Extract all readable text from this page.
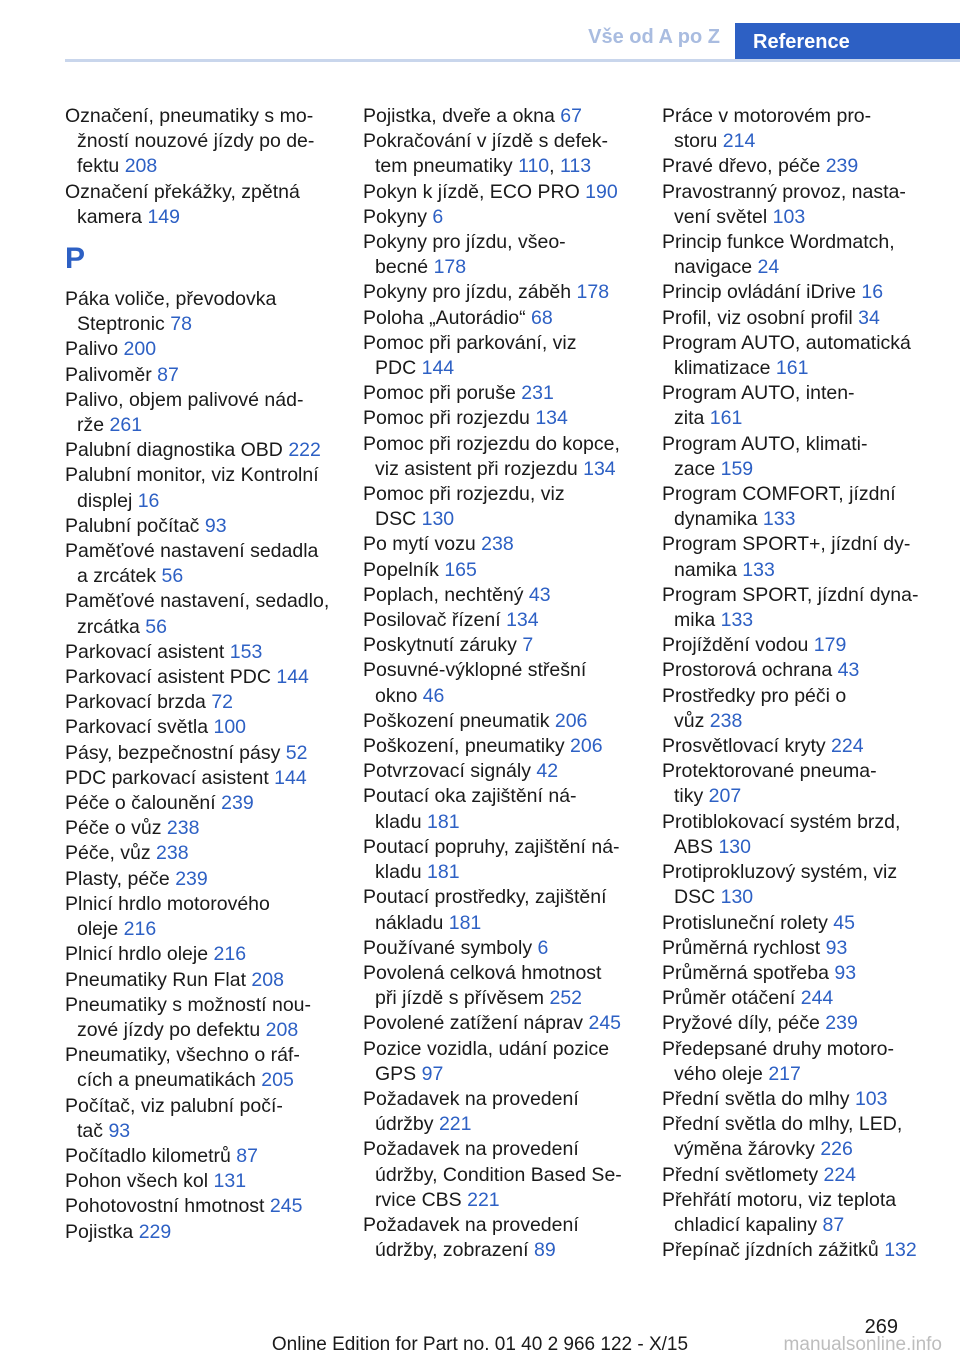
Vše od A po Z	Reference
Označení, pneumatiky s mo-
žností nouzové jízdy po de-
fektu 208
Označení překážky, zpětná
kamera 149
P
Páka voliče, převodovka
Steptronic 78
Palivo 200
Palivoměr 87
Palivo, objem palivové nád-
rže 261
Palubní diagnostika OBD 222
Palubní monitor, viz Kontrolní
displej 16
Palubní počítač 93
Paměťové nastavení sedadla
a zrcátek 56
Paměťové nastavení, sedadlo,
zrcátka 56
Parkovací asistent 153
Parkovací asistent PDC 144
Parkovací brzda 72
Parkovací světla 100
Pásy, bezpečnostní pásy 52
PDC parkovací asistent 144
Péče o čalounění 239
Péče o vůz 238
Péče, vůz 238
Plasty, péče 239
Plnicí hrdlo motorového
oleje 216
Plnicí hrdlo oleje 216
Pneumatiky Run Flat 208
Pneumatiky s možností nou-
zové jízdy po defektu 208
Pneumatiky, všechno o ráf-
cích a pneumatikách 205
Počítač, viz palubní počí-
tač 93
Počítadlo kilometrů 87
Pohon všech kol 131
Pohotovostní hmotnost 245
Pojistka 229
Pojistka, dveře a okna 67
Pokračování v jízdě s defek-
tem pneumatiky 110, 113
Pokyn k jízdě, ECO PRO 190
Pokyny 6
Pokyny pro jízdu, všeo-
becné 178
Pokyny pro jízdu, záběh 178
Poloha „Autorádio“ 68
Pomoc při parkování, viz
PDC 144
Pomoc při poruše 231
Pomoc při rozjezdu 134
Pomoc při rozjezdu do kopce,
viz asistent při rozjezdu 134
Pomoc při rozjezdu, viz
DSC 130
Po mytí vozu 238
Popelník 165
Poplach, nechtěný 43
Posilovač řízení 134
Poskytnutí záruky 7
Posuvné-výklopné střešní
okno 46
Poškození pneumatik 206
Poškození, pneumatiky 206
Potvrzovací signály 42
Poutací oka zajištění ná-
kladu 181
Poutací popruhy, zajištění ná-
kladu 181
Poutací prostředky, zajištění
nákladu 181
Používané symboly 6
Povolená celková hmotnost
při jízdě s přívěsem 252
Povolené zatížení náprav 245
Pozice vozidla, udání pozice
GPS 97
Požadavek na provedení
údržby 221
Požadavek na provedení
údržby, Condition Based Se-
rvice CBS 221
Požadavek na provedení
údržby, zobrazení 89
Práce v motorovém pro-
storu 214
Pravé dřevo, péče 239
Pravostranný provoz, nasta-
vení světel 103
Princip funkce Wordmatch,
navigace 24
Princip ovládání iDrive 16
Profil, viz osobní profil 34
Program AUTO, automatická
klimatizace 161
Program AUTO, inten-
zita 161
Program AUTO, klimati-
zace 159
Program COMFORT, jízdní
dynamika 133
Program SPORT+, jízdní dy-
namika 133
Program SPORT, jízdní dyna-
mika 133
Projíždění vodou 179
Prostorová ochrana 43
Prostředky pro péči o
vůz 238
Prosvětlovací kryty 224
Protektorované pneuma-
tiky 207
Protiblokovací systém brzd,
ABS 130
Protiprokluzový systém, viz
DSC 130
Protisluneční rolety 45
Průměrná rychlost 93
Průměrná spotřeba 93
Průměr otáčení 244
Pryžové díly, péče 239
Předepsané druhy motoro-
vého oleje 217
Přední světla do mlhy 103
Přední světla do mlhy, LED,
výměna žárovky 226
Přední světlomety 224
Přehřátí motoru, viz teplota
chladicí kapaliny 87
Přepínač jízdních zážitků 132
269
Online Edition for Part no. 01 40 2 966 122 - X/15	manualsonline.info
